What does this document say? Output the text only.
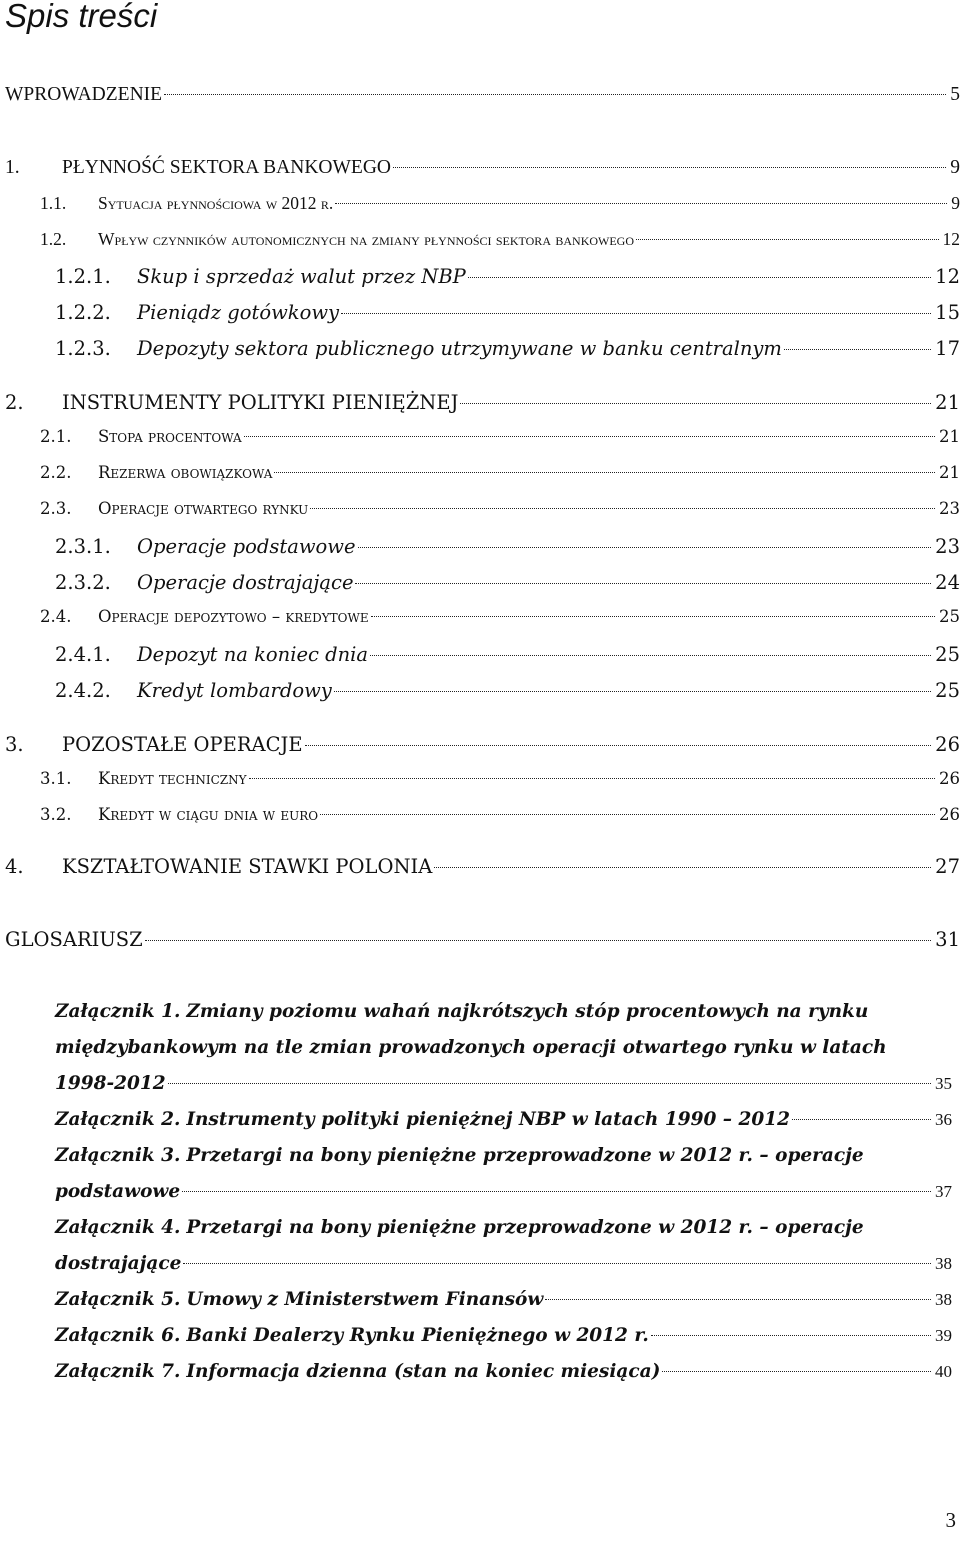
Spis treści
WPROWADZENIE	5
1. PŁYNNOŚĆ SEKTORA BANKOWEGO	9
1.1. Sytuacja płynnościowa w 2012 r.	9
1.2. Wpływ czynników autonomicznych na zmiany płynności sektora bankowego	12
1.2.1. Skup i sprzedaż walut przez NBP	12
1.2.2. Pieniądz gotówkowy	15
1.2.3. Depozyty sektora publicznego utrzymywane w banku centralnym	17
2. INSTRUMENTY POLITYKI PIENIĘŻNEJ	21
2.1. Stopa procentowa	21
2.2. Rezerwa obowiązkowa	21
2.3. Operacje otwartego rynku	23
2.3.1. Operacje podstawowe	23
2.3.2. Operacje dostrajające	24
2.4. Operacje depozytowo – kredytowe	25
2.4.1. Depozyt na koniec dnia	25
2.4.2. Kredyt lombardowy	25
3. POZOSTAŁE OPERACJE	26
3.1. Kredyt techniczny	26
3.2. Kredyt w ciągu dnia w euro	26
4. KSZTAŁTOWANIE STAWKI POLONIA	27
GLOSARIUSZ	31
Załącznik 1.
Zmiany poziomu wahań najkrótszych stóp procentowych na rynku
międzybankowym na tle zmian prowadzonych operacji otwartego rynku w latach
1998-2012	35
Załącznik 2.
Instrumenty polityki pieniężnej NBP w latach 1990 – 2012	36
Załącznik 3.
Przetargi na bony pieniężne przeprowadzone w 2012 r. – operacje
podstawowe	37
Załącznik 4.
Przetargi na bony pieniężne przeprowadzone w 2012 r. – operacje
dostrajające	38
Załącznik 5.
Umowy z Ministerstwem Finansów	38
Załącznik 6.
Banki Dealerzy Rynku Pieniężnego w 2012 r.	39
Załącznik 7.
Informacja dzienna (stan na koniec miesiąca)	40
3
